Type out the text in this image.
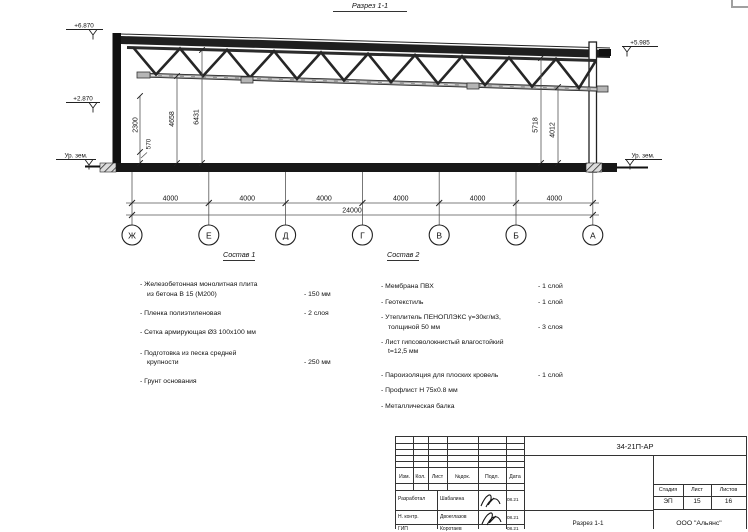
Разрез 1-1
+6.870
+2.870
Ур. зем.
+5.985
Ур. зем.
2300
570
4658	6431
5718 4012
4000	4000	4000	4000	4000	4000
24000
Ж	Е	Д	Г	В	Б	А
Состав 1
- Железобетонная монолитная плита
из бетона В 15 (М200)	- 150 мм
- Пленка полиэтиленовая	- 2 слоя
- Сетка армирующая Ø3 100х100 мм
- Подготовка из песка средней
крупности	- 250 мм
- Грунт основания
Состав 2
- Мембрана ПВХ	- 1 слой
- Геотекстиль	- 1 слой
- Утеплитель ПЕНОПЛЭКС γ=30кг/м3,
толщиной 50 мм	- 3 слоя
- Лист гипсоволокнистый влагостойкий
t=12,5 мм
- Пароизоляция для плоских кровель	- 1 слой
- Профлист Н 75х0.8 мм
- Металлическая балка
34-21П-АР
Изм. Кол. Лист №док.	Подл. Дата
Разработал	Шабалина	08.21
Н. контр.	Двоеглазов	08.21
ГИП	Коротаев	08.21
Стадия	Лист	Листов
ЭП	15	16
Разрез 1-1	ООО "Альянс"
